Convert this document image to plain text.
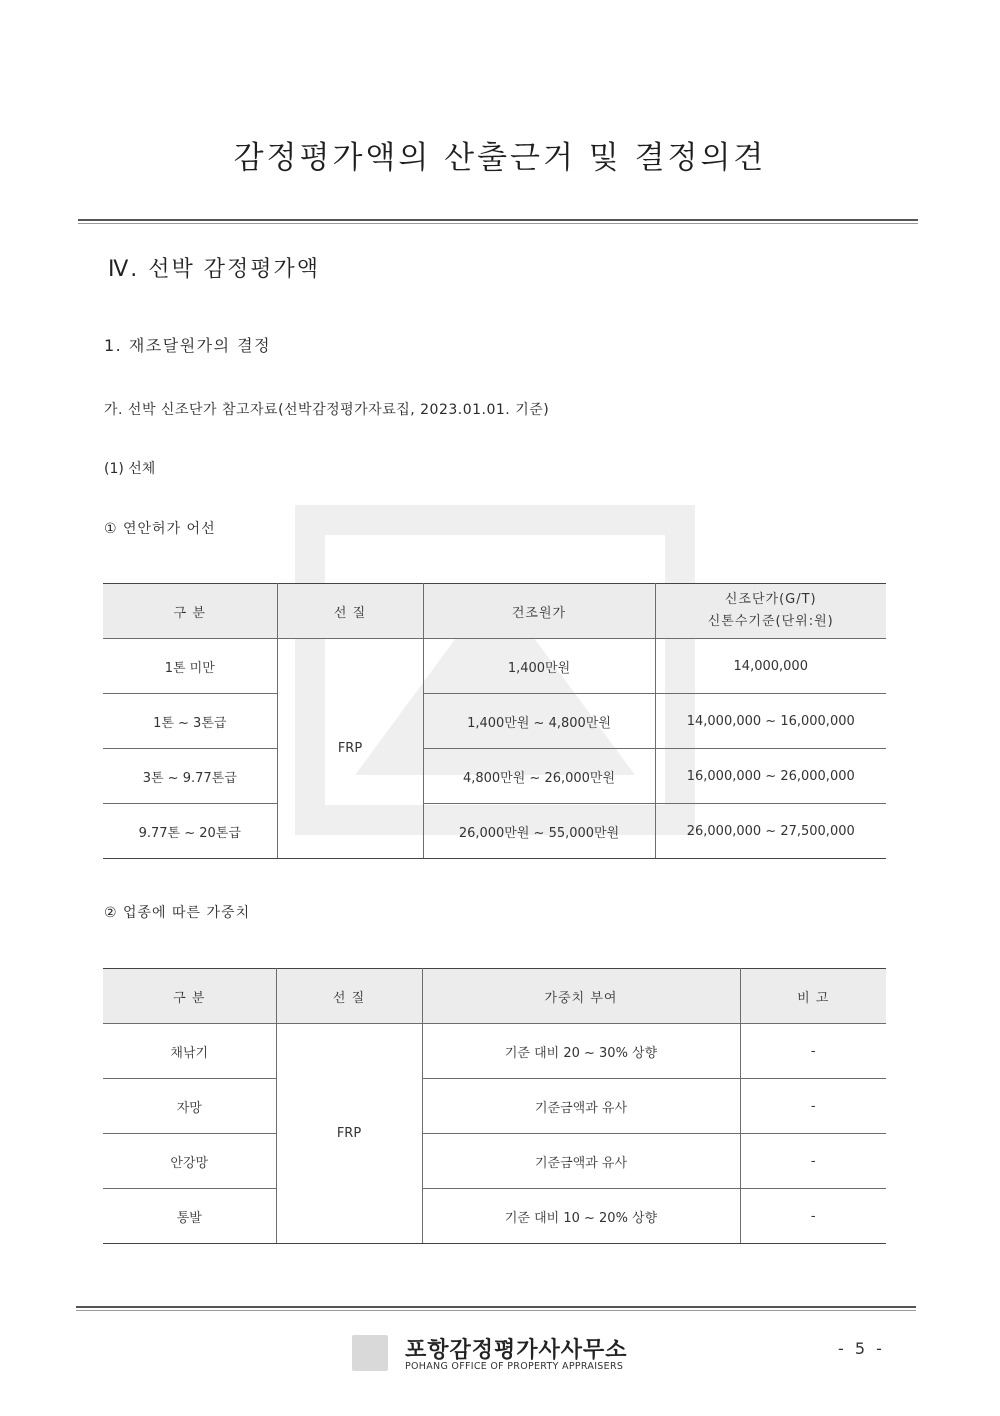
감정평가액의 산출근거 및 결정의견
Ⅳ. 선박 감정평가액
1. 재조달원가의 결정
가. 선박 신조단가 참고자료(선박감정평가자료집, 2023.01.01. 기준)
(1) 선체
① 연안허가 어선
구 분	선 질	건조원가	신조단가(G/T)
신톤수기준(단위:원)

1톤 미만	FRP	1,400만원	14,000,000
1톤 ~ 3톤급		1,400만원 ~ 4,800만원	14,000,000 ~ 16,000,000
3톤 ~ 9.77톤급		4,800만원 ~ 26,000만원	16,000,000 ~ 26,000,000
9.77톤 ~ 20톤급		26,000만원 ~ 55,000만원	26,000,000 ~ 27,500,000
② 업종에 따른 가중치
구 분	선 질	가중치 부여	비 고
채낚기	FRP	기준 대비 20 ~ 30% 상향	-
자망		기준금액과 유사	-
안강망		기준금액과 유사	-
통발		기준 대비 10 ~ 20% 상향	-
포항감정평가사사무소
POHANG OFFICE OF PROPERTY APPRAISERS
- 5 -
